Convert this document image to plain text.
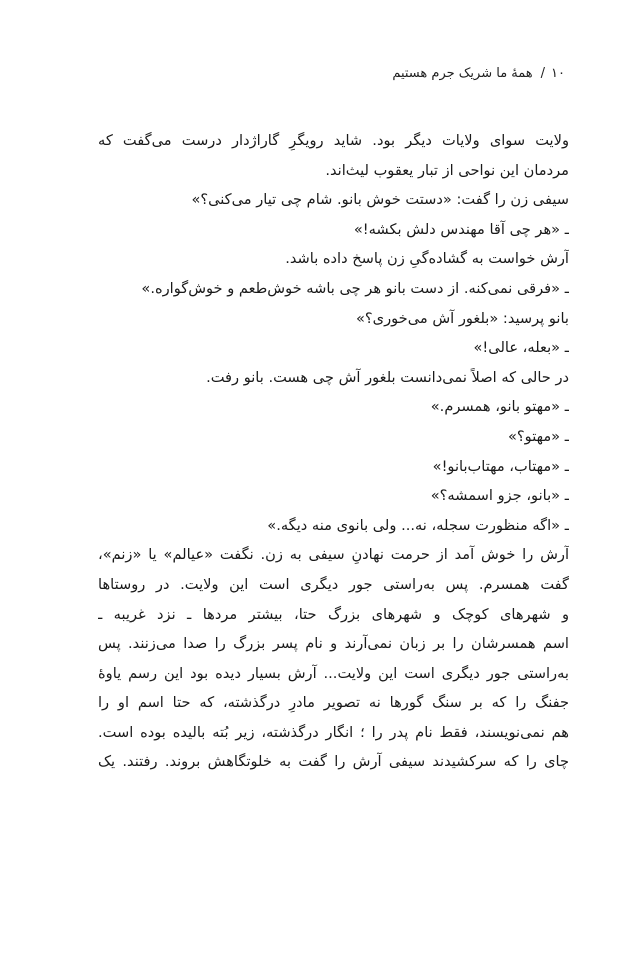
۱۰/همهٔ ما شریک جرم هستیم
ولایت سوای ولایات دیگر بود. شاید رویگرِ گاراژدار درست می‌گفت که
مردمان این نواحی از تبار یعقوب لیث‌اند.
سیفی زن را گفت: «دستت خوش بانو. شام چی تیار می‌کنی؟»
ـ «هر چی آقا مهندس دلش بکشه!»
آرش خواست به گشاده‌گیِ زن پاسخ داده باشد.
ـ «فرقی نمی‌کنه. از دست بانو هر چی باشه خوش‌طعم و خوش‌گواره.»
بانو پرسید: «بلغور آش می‌خوری؟»
ـ «بعله، عالی!»
در حالی که اصلاً نمی‌دانست بلغور آش چی هست. بانو رفت.
ـ «مهتو بانو، همسرم.»
ـ «مهتو؟»
ـ «مهتاب، مهتاب‌بانو!»
ـ «بانو، جزو اسمشه؟»
ـ «اگه منظورت سجله، نه... ولی بانوی منه دیگه.»
آرش را خوش آمد از حرمت نهادنِ سیفی به زن. نگفت «عیالم» یا «زنم»،
گفت همسرم. پس به‌راستی جور دیگری است این ولایت. در روستاها
و شهرهای کوچک و شهرهای بزرگ حتا، بیشتر مردها ـ نزد غریبه ـ
اسم همسرشان را بر زبان نمی‌آرند و نام پسر بزرگ را صدا می‌زنند. پس
به‌راستی جور دیگری است این ولایت... آرش بسیار دیده بود این رسم یاوهٔ
جفنگ را که بر سنگ گورها نه تصویر مادرِ درگذشته، که حتا اسم او را
هم نمی‌نویسند، فقط نام پدر را ؛ انگار درگذشته، زیر بُته بالیده بوده است.
چای را که سرکشیدند سیفی آرش را گفت به خلوتگاهش بروند. رفتند. یک
